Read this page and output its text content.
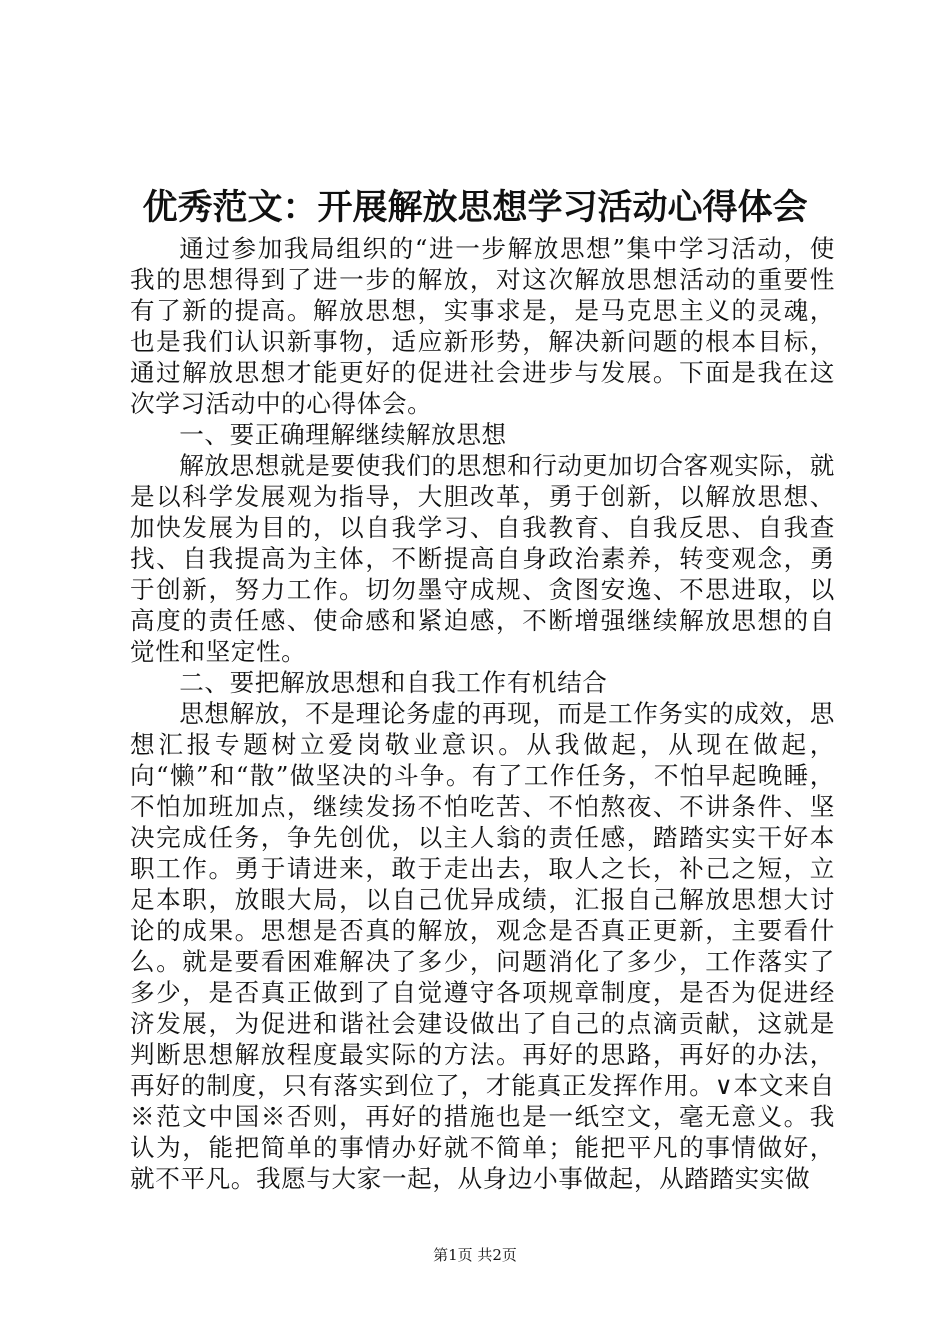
优秀范文：开展解放思想学习活动心得体会

通过参加我局组织的“进一步解放思想”集中学习活动，使我的思想得到了进一步的解放，对这次解放思想活动的重要性有了新的提高。解放思想，实事求是，是马克思主义的灵魂，也是我们认识新事物，适应新形势，解决新问题的根本目标，通过解放思想才能更好的促进社会进步与发展。下面是我在这次学习活动中的心得体会。

一、要正确理解继续解放思想

解放思想就是要使我们的思想和行动更加切合客观实际，就是以科学发展观为指导，大胆改革，勇于创新，以解放思想、加快发展为目的，以自我学习、自我教育、自我反思、自我查找、自我提高为主体，不断提高自身政治素养，转变观念，勇于创新，努力工作。切勿墨守成规、贪图安逸、不思进取，以高度的责任感、使命感和紧迫感，不断增强继续解放思想的自觉性和坚定性。

二、要把解放思想和自我工作有机结合

思想解放，不是理论务虚的再现，而是工作务实的成效，思想汇报专题树立爱岗敬业意识。从我做起，从现在做起，向“懒”和“散”做坚决的斗争。有了工作任务，不怕早起晚睡，不怕加班加点，继续发扬不怕吃苦、不怕熬夜、不讲条件、坚决完成任务，争先创优，以主人翁的责任感，踏踏实实干好本职工作。勇于请进来，敢于走出去，取人之长，补己之短，立足本职，放眼大局，以自己优异成绩，汇报自己解放思想大讨论的成果。思想是否真的解放，观念是否真正更新，主要看什么。就是要看困难解决了多少，问题消化了多少，工作落实了多少，是否真正做到了自觉遵守各项规章制度，是否为促进经济发展，为促进和谐社会建设做出了自己的点滴贡献，这就是判断思想解放程度最实际的方法。再好的思路，再好的办法，再好的制度，只有落实到位了，才能真正发挥作用。∨本文来自※范文中国※否则，再好的措施也是一纸空文，毫无意义。我认为，能把简单的事情办好就不简单；能把平凡的事情做好，就不平凡。我愿与大家一起，从身边小事做起，从踏踏实实做

第1页 共2页
